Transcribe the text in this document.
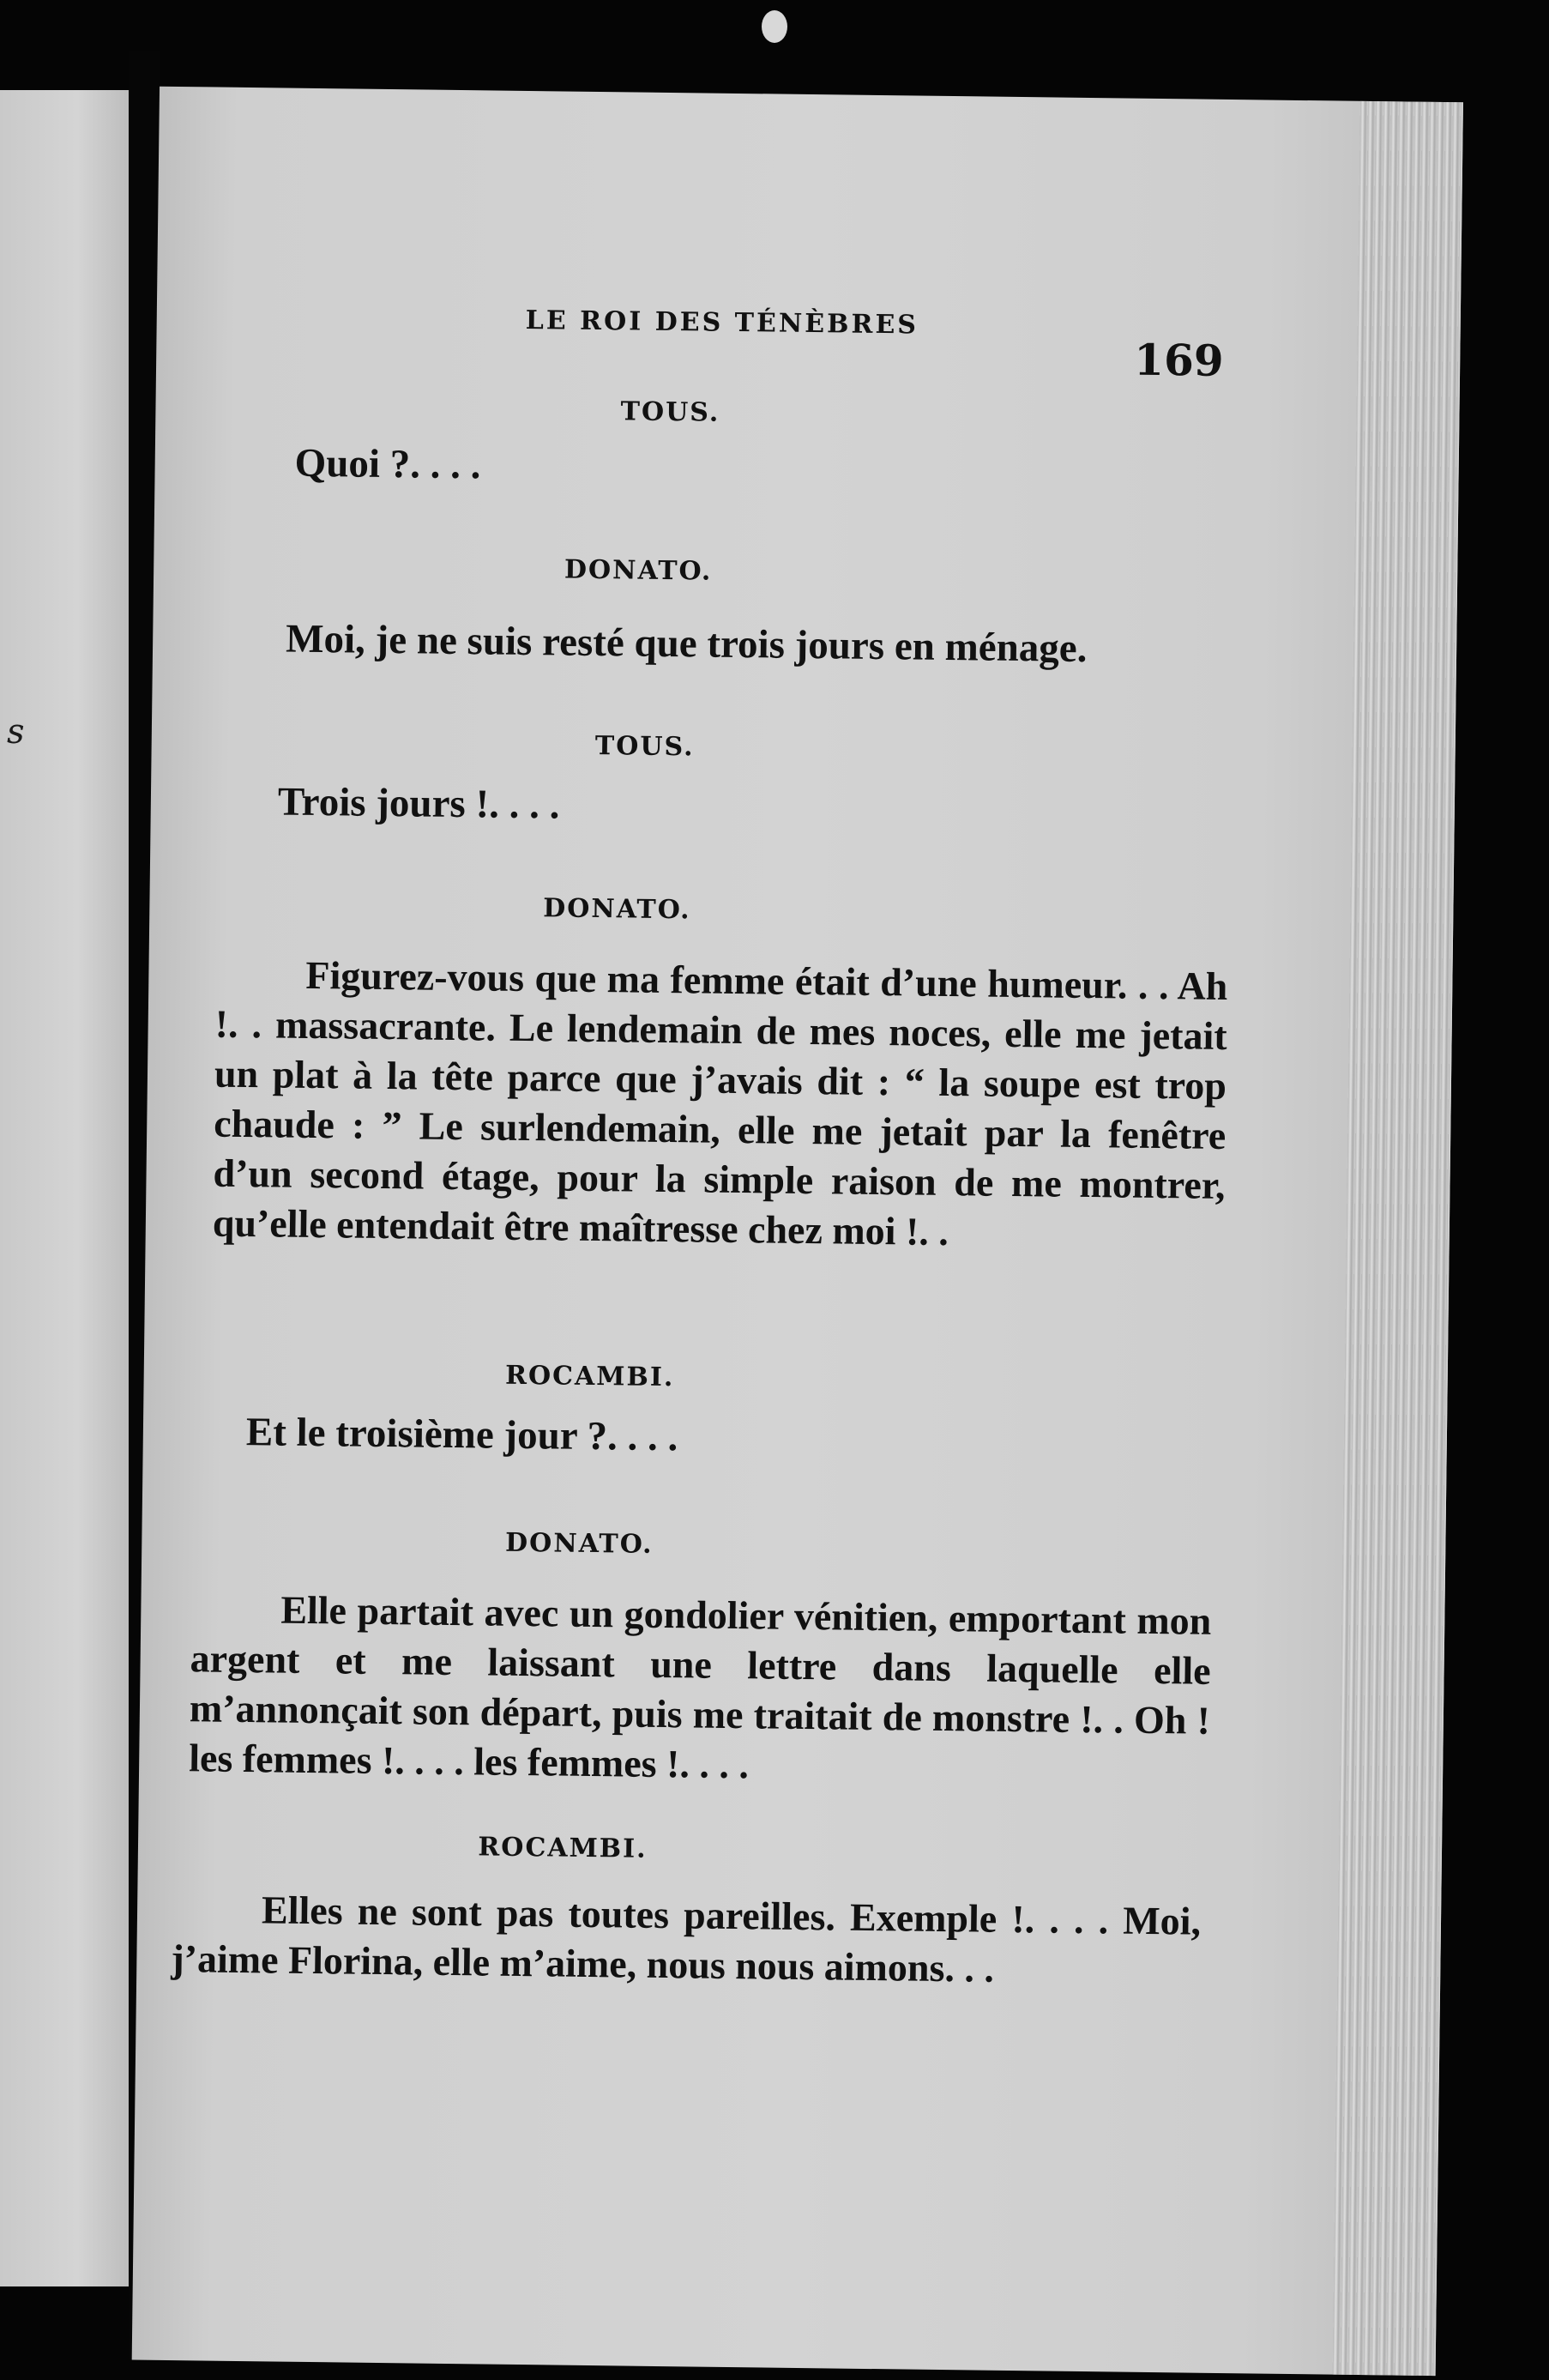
s
LE ROI DES TÉNÈBRES
169
TOUS.
Quoi ?. . . .
DONATO.
Moi, je ne suis resté que trois jours en ménage.
TOUS.
Trois jours !. . . .
DONATO.
Figurez-vous que ma femme était d’une humeur. . . Ah !. . massacrante. Le lendemain de mes noces, elle me jetait un plat à la tête parce que j’avais dit : “ la soupe est trop chaude : ” Le surlendemain, elle me jetait par la fenêtre d’un second étage, pour la simple raison de me montrer, qu’elle entendait être maîtresse chez moi !. .
ROCAMBI.
Et le troisième jour ?. . . .
DONATO.
Elle partait avec un gondolier vénitien, emportant mon argent et me laissant une lettre dans laquelle elle m’annonçait son départ, puis me traitait de monstre !. . Oh ! les femmes !. . . . les femmes !. . . .
ROCAMBI.
Elles ne sont pas toutes pareilles. Exemple !. . . . Moi, j’aime Florina, elle m’aime, nous nous aimons. . .
